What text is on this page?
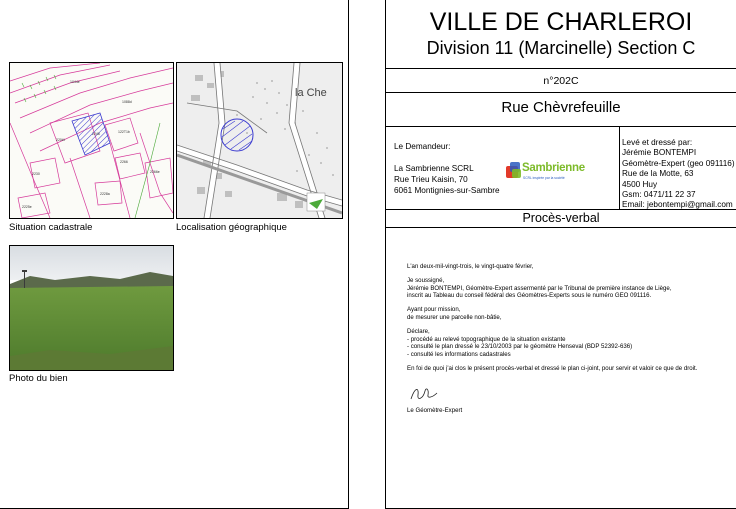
220t4
2248	122T1b
2266
2266e
2230
2228a
2225e
1044e
1088d
la Che
Situation cadastrale	Localisation géographique
Photo du bien
VILLE DE CHARLEROI
Division 11 (Marcinelle) Section C
n°202C
Rue Chèvrefeuille
Le Demandeur:
La Sambrienne SCRL
Rue Trieu Kaisin, 70
6061 Montignies-sur-Sambre
Sambrienne
SCRL inspirée par la société
Levé et dressé par:
Jérémie BONTEMPI
Géomètre-Expert (geo 091116)
Rue de la Motte, 63
4500 Huy
Gsm: 0471/11 22 37
Email: jebontempi@gmail.com
Procès-verbal

L'an deux-mil-vingt-trois, le vingt-quatre février,

Je soussigné,

Jérémie BONTEMPI, Géomètre-Expert assermenté par le Tribunal de première instance de Liège,

inscrit au Tableau du conseil fédéral des Géomètres-Experts sous le numéro GEO 091116.

Ayant pour mission,

de mesurer une parcelle non-bâtie,

Déclare,

- procédé au relevé topographique de la situation existante

- consulté le plan dressé le 23/10/2003 par le géomètre Henseval (BDP 52392-636)

- consulté les informations cadastrales

En foi de quoi j'ai clos le présent procès-verbal et dressé le plan ci-joint, pour servir et valoir ce que de droit.

Le Géomètre-Expert
